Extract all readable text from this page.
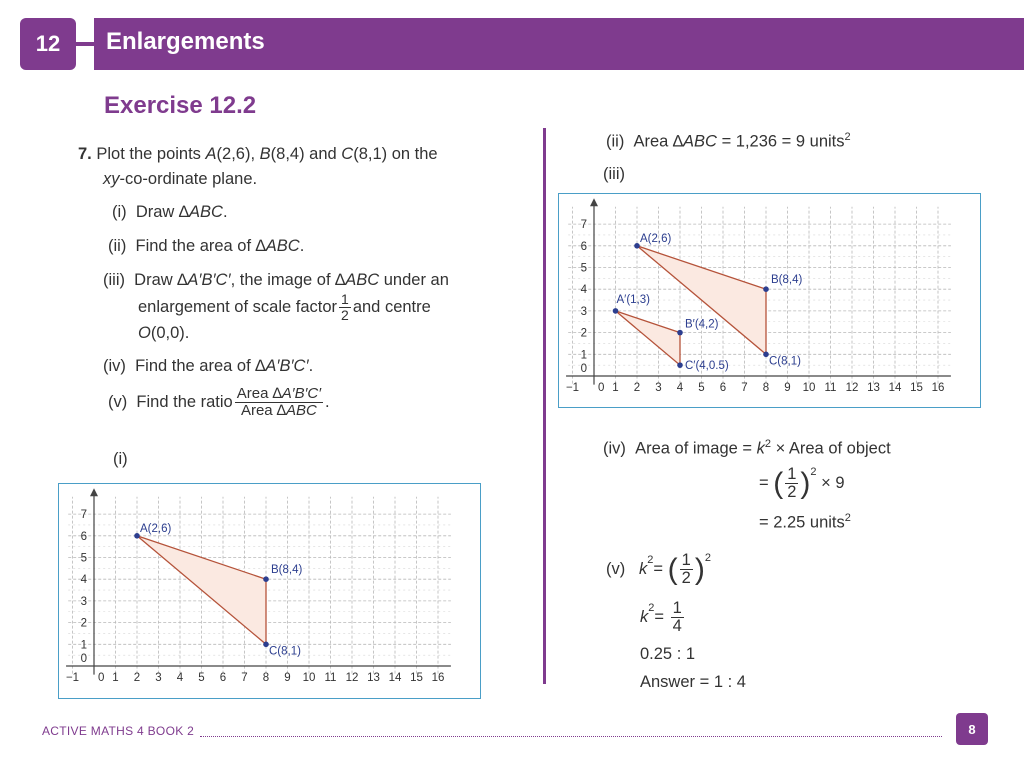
12 Enlargements
Exercise 12.2
7. Plot the points A(2,6), B(8,4) and C(8,1) on the
xy-co-ordinate plane.
(i) Draw ∆ABC.
(ii) Find the area of ∆ABC.
(iii) Draw ∆A′B′C′, the image of ∆ABC under an
enlargement of scale factor $\frac{1}{2}$ and centre
O(0,0).
(iv) Find the area of ∆A′B′C′.
(v)
Find the ratio $\frac{\text{Area ∆A′B′C′}}{\text{Area ∆ABC}}$ .
(i)
−1 0 1 2 3 4 5 6 7 8 9 10 11 12 13 14 15 16
0
1
2
3
4
5
6
7
A(2,6)
B(8,4)
C(8,1)
(ii) Area ∆ABC = 1,236 = 9 units$^2$
(iii)
−1 0 1 2 3 4 5 6 7 8 9 10 11 12 13 14 15 16
0
1
2
3
4
5
6
7
A(2,6)
B(8,4)
C(8,1)
A′(1,3)
B′(4,2)
C′(4,0.5)
(iv) Area of image = $k^2$ × Area of object
=
( $\frac{1}{2} )^2$

× 9
= 2.25 units$^2$
(v)
k
$^2$
=
( $\frac{1}{2} )^2$
k
$^2$
=
$\frac{1}{4}$
0.25 : 1
Answer = 1 : 4
ACTIVE MATHS 4 BOOK 2	8
